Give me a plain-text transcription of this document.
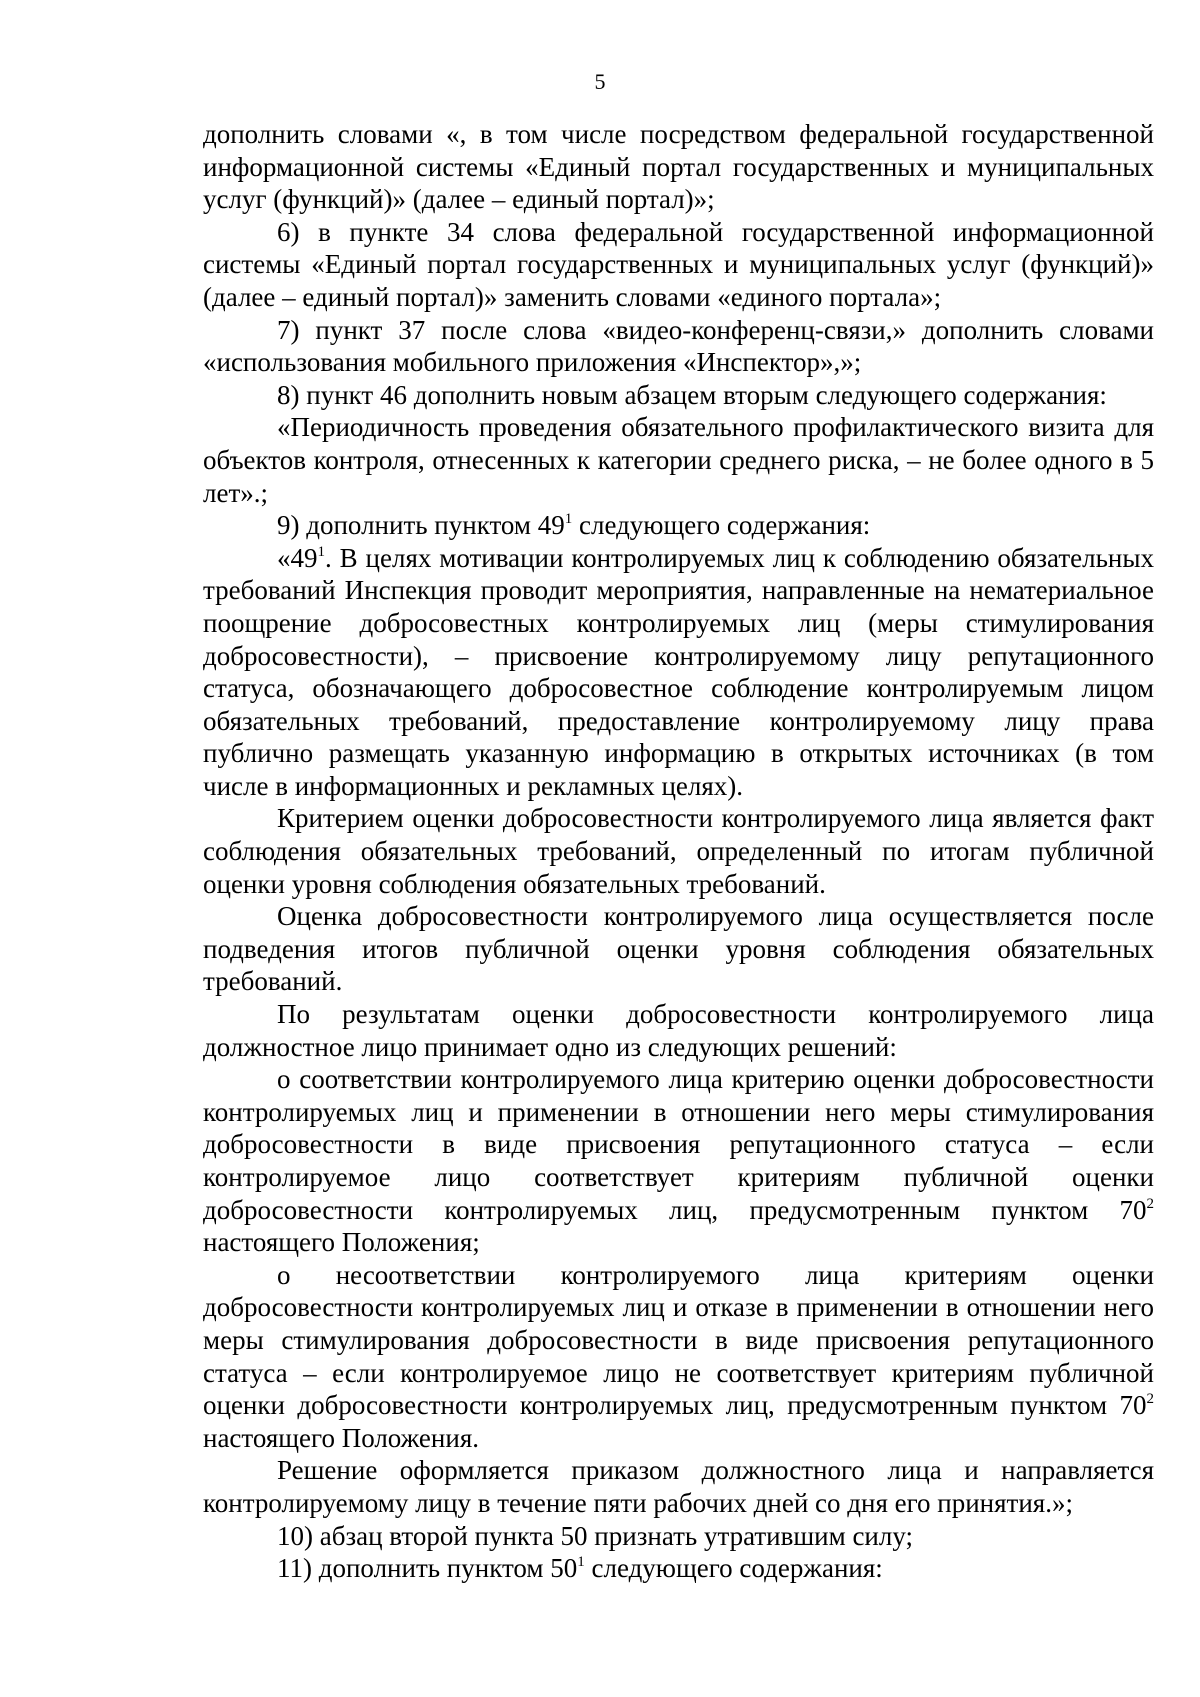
5

дополнить словами «, в том числе посредством федеральной государственной информационной системы «Единый портал государственных и муниципальных услуг (функций)» (далее – единый портал)»;

6) в пункте 34 слова федеральной государственной информационной системы «Единый портал государственных и муниципальных услуг (функций)» (далее – единый портал)» заменить словами «единого портала»;

7) пункт 37 после слова «видео-конференц-связи,» дополнить словами «использования мобильного приложения «Инспектор»,»;

8) пункт 46 дополнить новым абзацем вторым следующего содержания:

«Периодичность проведения обязательного профилактического визита для объектов контроля, отнесенных к категории среднего риска, – не более одного в 5 лет».;

9) дополнить пунктом $49^1$ следующего содержания:

«$49^1$. В целях мотивации контролируемых лиц к соблюдению обязательных требований Инспекция проводит мероприятия, направленные на нематериальное поощрение добросовестных контролируемых лиц (меры стимулирования добросовестности), – присвоение контролируемому лицу репутационного статуса, обозначающего добросовестное соблюдение контролируемым лицом обязательных требований, предоставление контролируемому лицу права публично размещать указанную информацию в открытых источниках (в том числе в информационных и рекламных целях).

Критерием оценки добросовестности контролируемого лица является факт соблюдения обязательных требований, определенный по итогам публичной оценки уровня соблюдения обязательных требований.

Оценка добросовестности контролируемого лица осуществляется после подведения итогов публичной оценки уровня соблюдения обязательных требований.

По результатам оценки добросовестности контролируемого лица должностное лицо принимает одно из следующих решений:

о соответствии контролируемого лица критерию оценки добросовестности контролируемых лиц и применении в отношении него меры стимулирования добросовестности в виде присвоения репутационного статуса – если контролируемое лицо соответствует критериям публичной оценки добросовестности контролируемых лиц, предусмотренным пунктом $70^2$ настоящего Положения;

о несоответствии контролируемого лица критериям оценки добросовестности контролируемых лиц и отказе в применении в отношении него меры стимулирования добросовестности в виде присвоения репутационного статуса – если контролируемое лицо не соответствует критериям публичной оценки добросовестности контролируемых лиц, предусмотренным пунктом $70^2$ настоящего Положения.

Решение оформляется приказом должностного лица и направляется контролируемому лицу в течение пяти рабочих дней со дня его принятия.»;

10) абзац второй пункта 50 признать утратившим силу;

11) дополнить пунктом $50^1$ следующего содержания:
